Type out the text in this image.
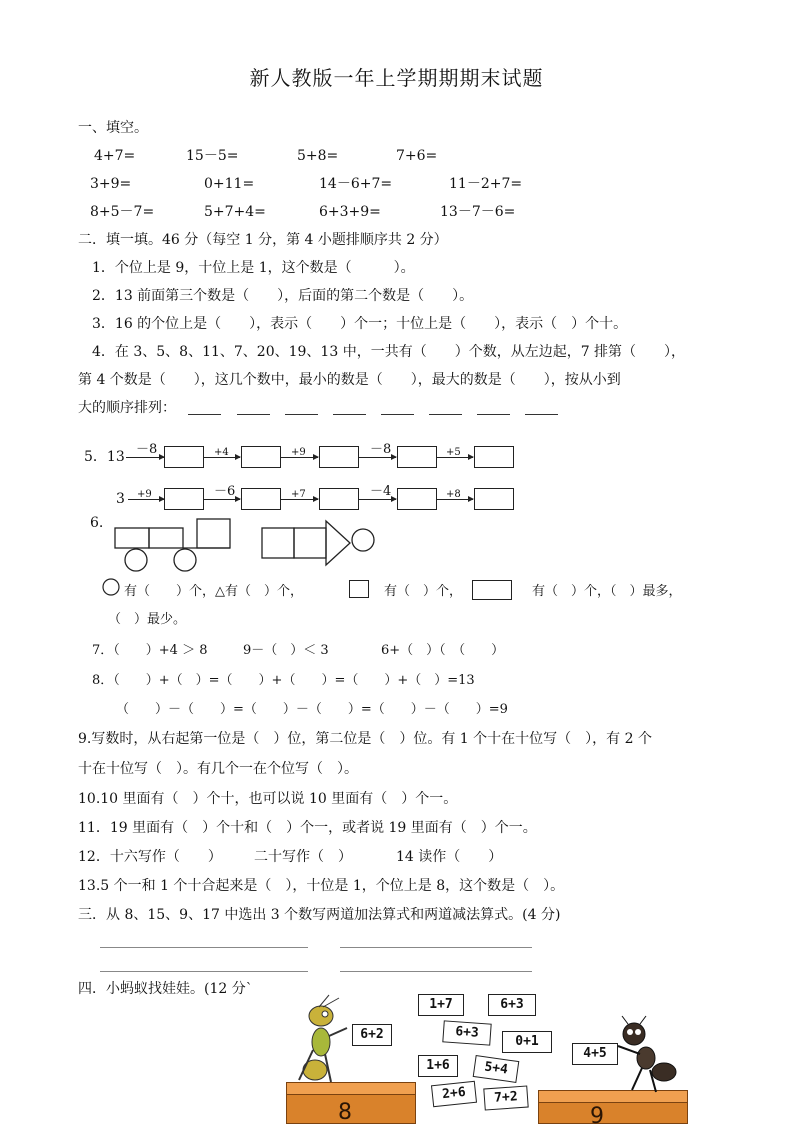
新人教版一年上学期期期末试题
一、填空。
4+7=	15－5=	5+8=	7+6=
3+9=	0+11=	14－6+7=	11－2+7=
8+5－7=	5+7+4=	6+3+9=	13－7－6=
二．填一填。46 分（每空 1 分，第 4 小题排顺序共 2 分）
1．个位上是 9，十位上是 1，这个数是（　　　）。
2．13 前面第三个数是（　　），后面的第二个数是（　　）。
3．16 的个位上是（　　），表示（　　）个一；十位上是（　　），表示（　）个十。
4．在 3、5、8、11、7、20、19、13 中，一共有（　　）个数，从左边起，7 排第（　　），
第 4 个数是（　　），这几个数中，最小的数是（　　），最大的数是（　　），按从小到
大的顺序排列：
5．13 －8	+4	+9	－8	+5
3 +9	－6	+7	－4	+8
6.
有（　　）个，△有（　）个，	有（　）个，	有（　）个，（　）最多，
（　）最少。
7．（　　）+4 ＞ 8	9－（　）＜ 3	6+（　）（　（　　）
8．（　　）+（　）=（　　）+（　　）=（　　）+（　）=13
（　　）－（　　）=（　　）－（　　）=（　　）－（　　）=9
9.写数时，从右起第一位是（　）位，第二位是（　）位。有 1 个十在十位写（　），有 2 个
十在十位写（　）。有几个一在个位写（　）。
10.10 里面有（　）个十，也可以说 10 里面有（　）个一。
11．19 里面有（　）个十和（　）个一，或者说 19 里面有（　）个一。
12．十六写作（　　） 二十写作（　）	14 读作（　　）
13.5 个一和 1 个十合起来是（　），十位是 1，个位上是 8，这个数是（　）。
三．从 8、15、9、17 中选出 3 个数写两道加法算式和两道减法算式。(4 分)
四．小蚂蚁找娃娃。(12 分`
6+2
8	9
1+7	6+3
6+3
0+1
4+5
1+6	5+4
2+6	7+2
